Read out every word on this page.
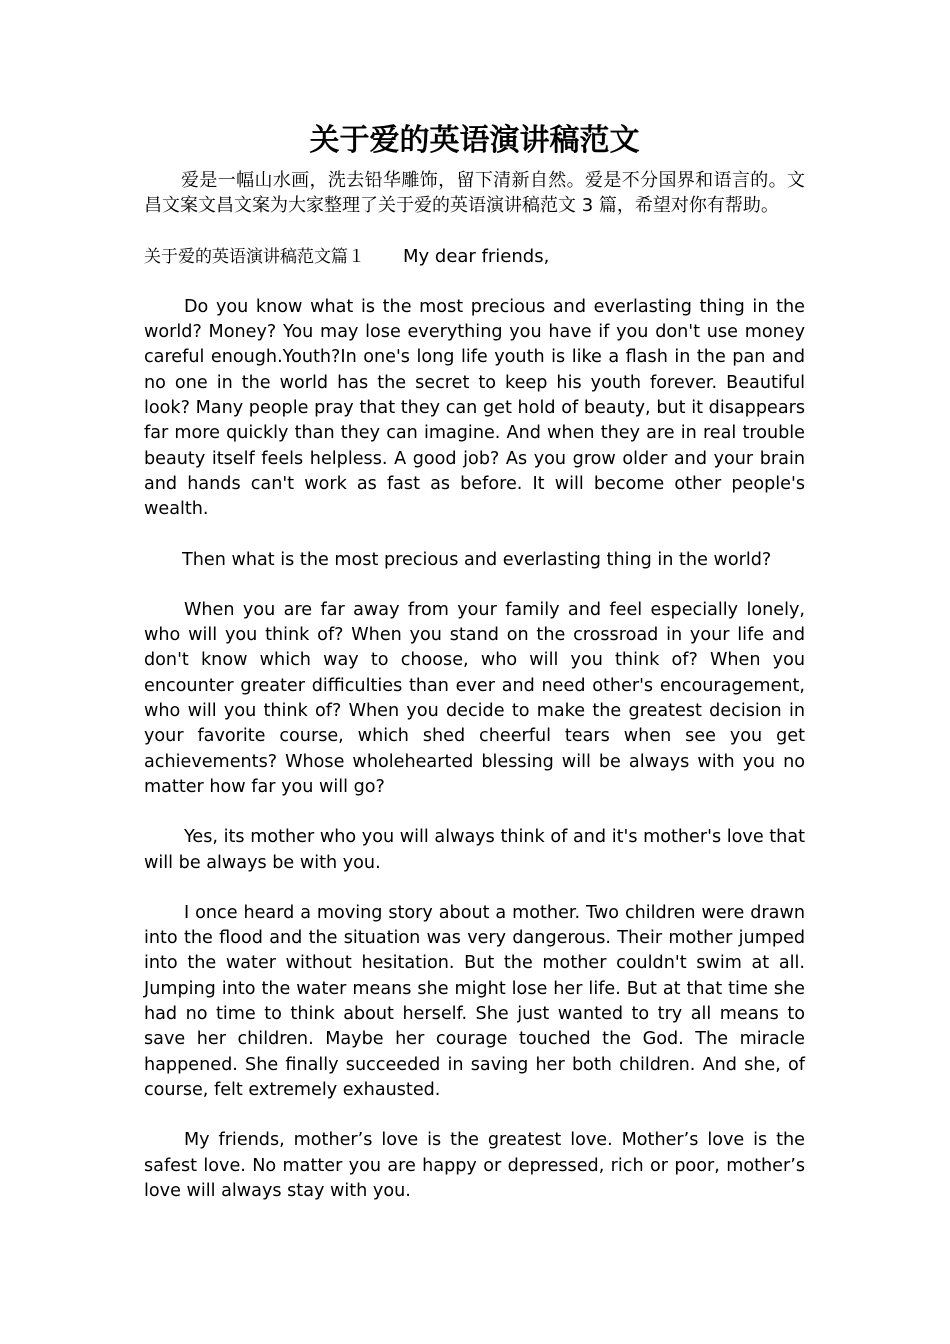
关于爱的英语演讲稿范文

爱是一幅山水画，洗去铅华雕饰，留下清新自然。爱是不分国界和语言的。文昌文案文昌文案为大家整理了关于爱的英语演讲稿范文 3 篇，希望对你有帮助。

关于爱的英语演讲稿范文篇１ My dear friends,

Do you know what is the most precious and everlasting thing in the world? Money? You may lose everything you have if you don't use money careful enough.Youth?In one's long life youth is like a flash in the pan and no one in the world has the secret to keep his youth forever. Beautiful look? Many people pray that they can get hold of beauty, but it disappears far more quickly than they can imagine. And when they are in real trouble beauty itself feels helpless. A good job? As you grow older and your brain and hands can't work as fast as before. It will become other people's wealth.

Then what is the most precious and everlasting thing in the world?

When you are far away from your family and feel especially lonely, who will you think of? When you stand on the crossroad in your life and don't know which way to choose, who will you think of? When you encounter greater difficulties than ever and need other's encouragement, who will you think of? When you decide to make the greatest decision in your favorite course, which shed cheerful tears when see you get achievements? Whose wholehearted blessing will be always with you no matter how far you will go?

Yes, its mother who you will always think of and it's mother's love that will be always be with you.

I once heard a moving story about a mother. Two children were drawn into the flood and the situation was very dangerous. Their mother jumped into the water without hesitation. But the mother couldn't swim at all. Jumping into the water means she might lose her life. But at that time she had no time to think about herself. She just wanted to try all means to save her children. Maybe her courage touched the God. The miracle happened. She finally succeeded in saving her both children. And she, of course, felt extremely exhausted.

My friends, mother’s love is the greatest love. Mother’s love is the safest love. No matter you are happy or depressed, rich or poor, mother’s love will always stay with you.
